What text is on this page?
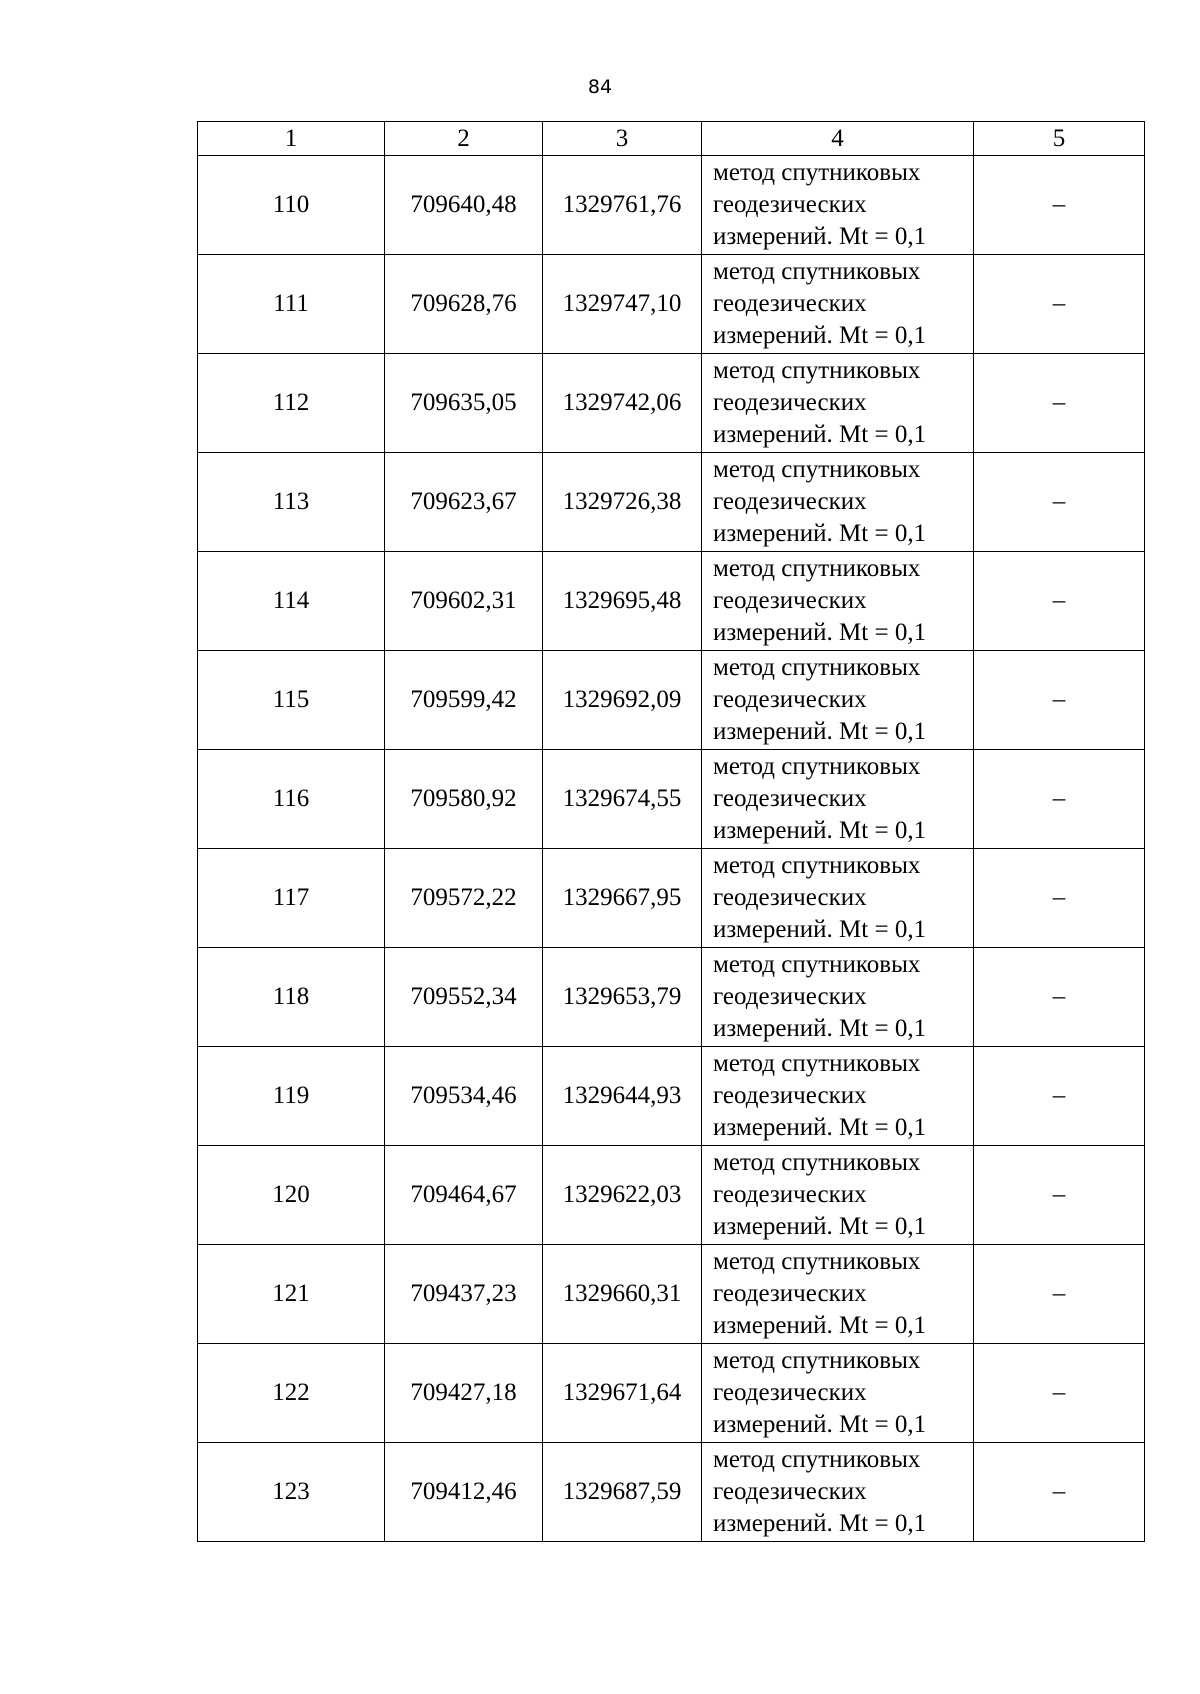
84
1	2	3	4	5
110	709640,48	1329761,76	метод спутниковых
геодезических
измерений. Mt = 0,1	–
111	709628,76	1329747,10	метод спутниковых
геодезических
измерений. Mt = 0,1	–
112	709635,05	1329742,06	метод спутниковых
геодезических
измерений. Mt = 0,1	–
113	709623,67	1329726,38	метод спутниковых
геодезических
измерений. Mt = 0,1	–
114	709602,31	1329695,48	метод спутниковых
геодезических
измерений. Mt = 0,1	–
115	709599,42	1329692,09	метод спутниковых
геодезических
измерений. Mt = 0,1	–
116	709580,92	1329674,55	метод спутниковых
геодезических
измерений. Mt = 0,1	–
117	709572,22	1329667,95	метод спутниковых
геодезических
измерений. Mt = 0,1	–
118	709552,34	1329653,79	метод спутниковых
геодезических
измерений. Mt = 0,1	–
119	709534,46	1329644,93	метод спутниковых
геодезических
измерений. Mt = 0,1	–
120	709464,67	1329622,03	метод спутниковых
геодезических
измерений. Mt = 0,1	–
121	709437,23	1329660,31	метод спутниковых
геодезических
измерений. Mt = 0,1	–
122	709427,18	1329671,64	метод спутниковых
геодезических
измерений. Mt = 0,1	–
123	709412,46	1329687,59	метод спутниковых
геодезических
измерений. Mt = 0,1	–
